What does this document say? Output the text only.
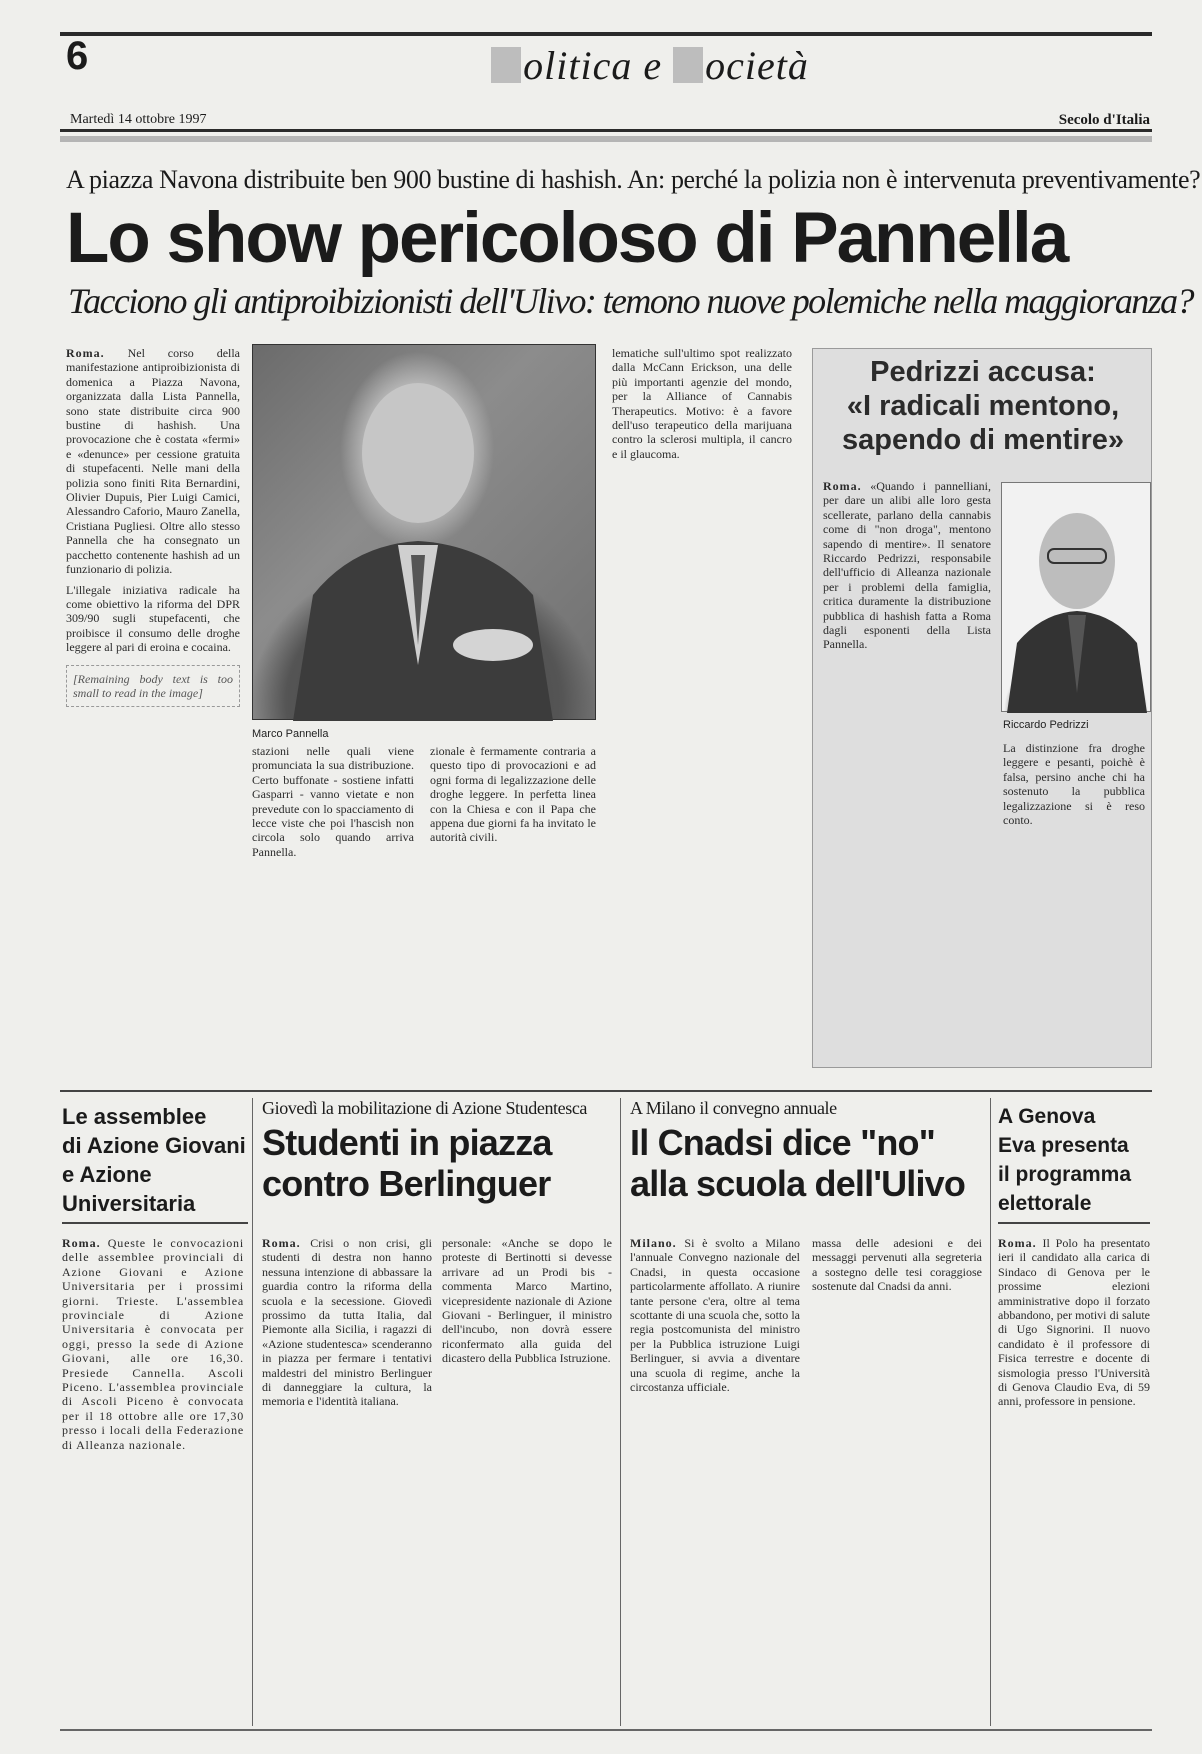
6	olitica e ocietà
Martedì 14 ottobre 1997	Secolo d'Italia
A piazza Navona distribuite ben 900 bustine di hashish. An: perché la polizia non è intervenuta preventivamente?
Lo show pericoloso di Pannella
Tacciono gli antiproibizionisti dell'Ulivo: temono nuove polemiche nella maggioranza?

Roma. Nel corso della manifestazione antiproibizionista di domenica a Piazza Navona, organizzata dalla Lista Pannella, sono state distribuite circa 900 bustine di hashish. Una provocazione che è costata «fermi» e «denunce» per cessione gratuita di stupefacenti. Nelle mani della polizia sono finiti Rita Bernardini, Olivier Dupuis, Pier Luigi Camici, Alessandro Caforio, Mauro Zanella, Cristiana Pugliesi. Oltre allo stesso Pannella che ha consegnato un pacchetto contenente hashish ad un funzionario di polizia.

L'illegale iniziativa radicale ha come obiettivo la riforma del DPR 309/90 sugli stupefacenti, che proibisce il consumo delle droghe leggere al pari di eroina e cocaina.

[Remaining body text is too small to read in the image]

Marco Pannella

stazioni nelle quali viene promunciata la sua distribuzione. Certo buffonate - sostiene infatti Gasparri - vanno vietate e non prevedute con lo spacciamento di lecce viste che poi l'hascish non circola solo quando arriva Pannella.

zionale è fermamente contraria a questo tipo di provocazioni e ad ogni forma di legalizzazione delle droghe leggere. In perfetta linea con la Chiesa e con il Papa che appena due giorni fa ha invitato le autorità civili.

lematiche sull'ultimo spot realizzato dalla McCann Erickson, una delle più importanti agenzie del mondo, per la Alliance of Cannabis Therapeutics. Motivo: è a favore dell'uso terapeutico della marijuana contro la sclerosi multipla, il cancro e il glaucoma.

Pedrizzi accusa:
«I radicali mentono,
sapendo di mentire»

Roma. «Quando i pannelliani, per dare un alibi alle loro gesta scellerate, parlano della cannabis come di "non droga", mentono sapendo di mentire». Il senatore Riccardo Pedrizzi, responsabile dell'ufficio di Alleanza nazionale per i problemi della famiglia, critica duramente la distribuzione pubblica di hashish fatta a Roma dagli esponenti della Lista Pannella.

Riccardo Pedrizzi

La distinzione fra droghe leggere e pesanti, poichè è falsa, persino anche chi ha sostenuto la pubblica legalizzazione si è reso conto.

Le assemblee
di Azione Giovani
e Azione
Universitaria

Roma. Queste le convocazioni delle assemblee provinciali di Azione Giovani e Azione Universitaria per i prossimi giorni. Trieste. L'assemblea provinciale di Azione Universitaria è convocata per oggi, presso la sede di Azione Giovani, alle ore 16,30. Presiede Cannella. Ascoli Piceno. L'assemblea provinciale di Ascoli Piceno è convocata per il 18 ottobre alle ore 17,30 presso i locali della Federazione di Alleanza nazionale.

Giovedì la mobilitazione di Azione Studentesca
Studenti in piazza
contro Berlinguer

Roma. Crisi o non crisi, gli studenti di destra non hanno nessuna intenzione di abbassare la guardia contro la riforma della scuola e la secessione. Giovedì prossimo da tutta Italia, dal Piemonte alla Sicilia, i ragazzi di «Azione studentesca» scenderanno in piazza per fermare i tentativi maldestri del ministro Berlinguer di danneggiare la cultura, la memoria e l'identità italiana.

personale: «Anche se dopo le proteste di Bertinotti si devesse arrivare ad un Prodi bis - commenta Marco Martino, vicepresidente nazionale di Azione Giovani - Berlinguer, il ministro dell'incubo, non dovrà essere riconfermato alla guida del dicastero della Pubblica Istruzione.

A Milano il convegno annuale
Il Cnadsi dice "no"
alla scuola dell'Ulivo

Milano. Si è svolto a Milano l'annuale Convegno nazionale del Cnadsi, in questa occasione particolarmente affollato. A riunire tante persone c'era, oltre al tema scottante di una scuola che, sotto la regia postcomunista del ministro per la Pubblica istruzione Luigi Berlinguer, si avvia a diventare una scuola di regime, anche la circostanza ufficiale.

massa delle adesioni e dei messaggi pervenuti alla segreteria a sostegno delle tesi coraggiose sostenute dal Cnadsi da anni.

A Genova
Eva presenta
il programma
elettorale

Roma. Il Polo ha presentato ieri il candidato alla carica di Sindaco di Genova per le prossime elezioni amministrative dopo il forzato abbandono, per motivi di salute di Ugo Signorini. Il nuovo candidato è il professore di Fisica terrestre e docente di sismologia presso l'Università di Genova Claudio Eva, di 59 anni, professore in pensione.
